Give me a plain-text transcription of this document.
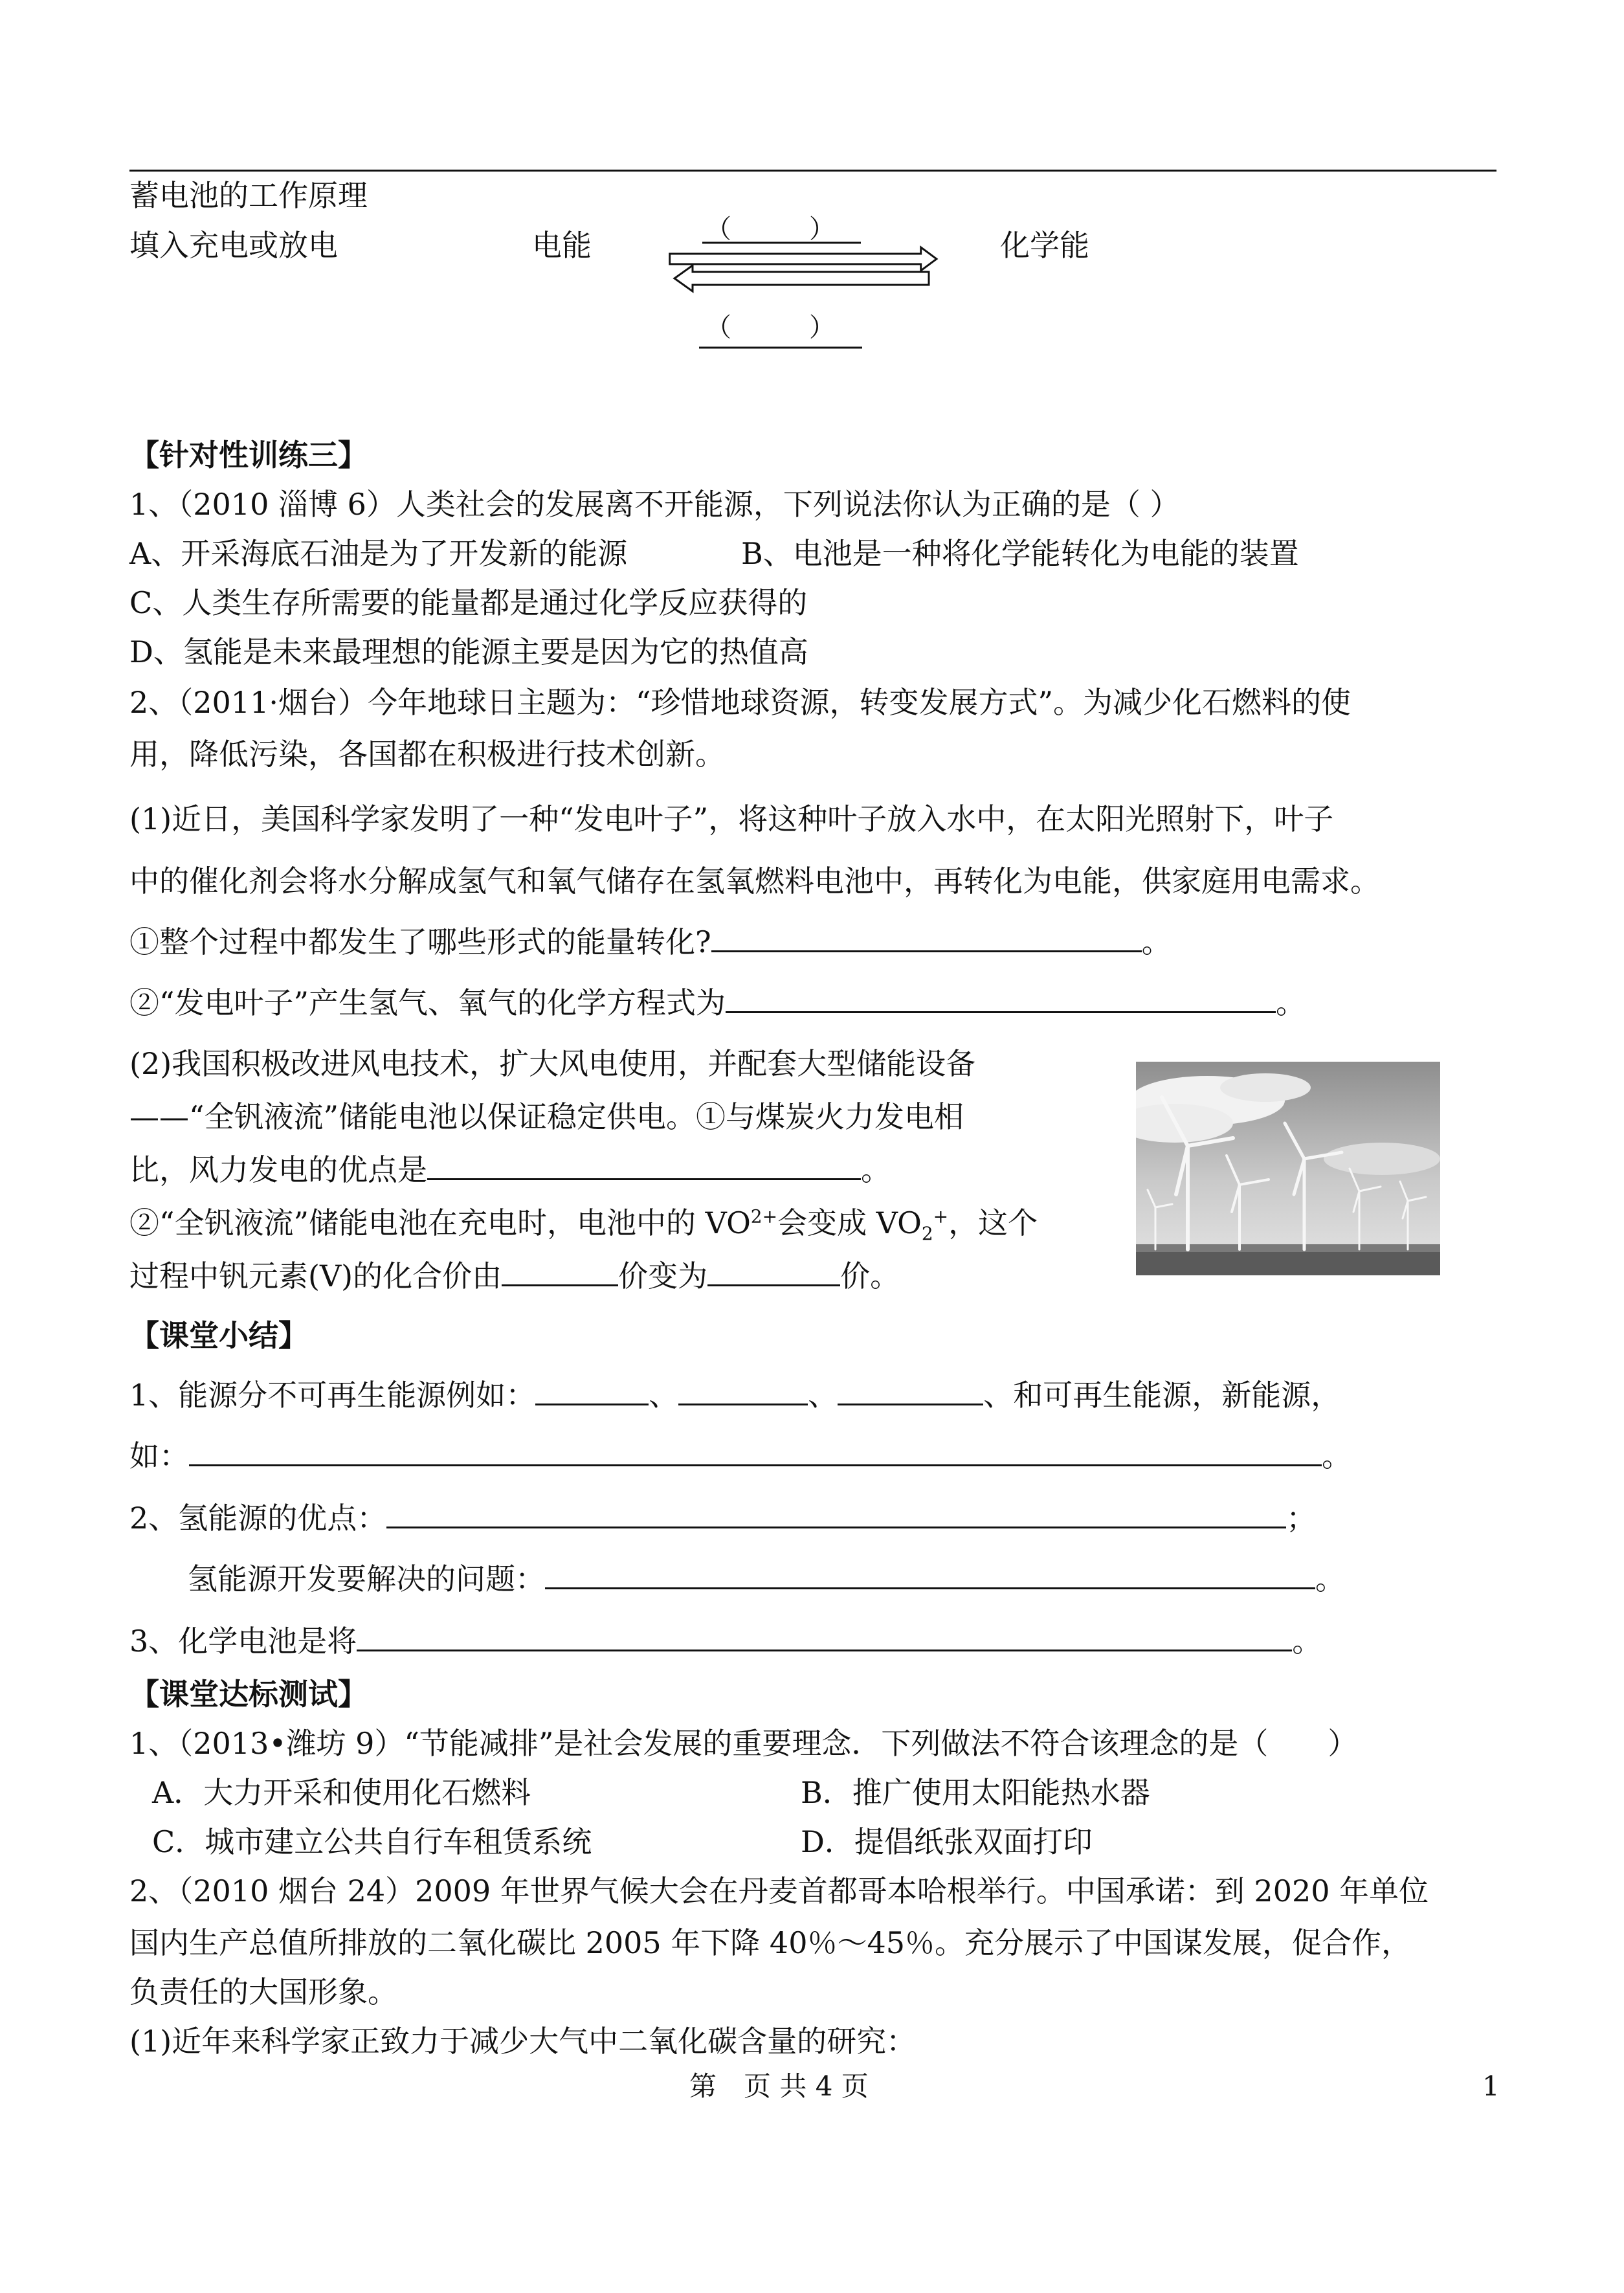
蓄电池的工作原理
填入充电或放电	电能	化学能
（　　　）
（　　　）
【针对性训练三】
1、（2010 淄博 6）人类社会的发展离不开能源，下列说法你认为正确的是（ ）
A、开采海底石油是为了开发新的能源	B、电池是一种将化学能转化为电能的装置
C、人类生存所需要的能量都是通过化学反应获得的
D、氢能是未来最理想的能源主要是因为它的热值高
2、（2011·烟台）今年地球日主题为：“珍惜地球资源，转变发展方式”。为减少化石燃料的使
用，降低污染，各国都在积极进行技术创新。
(1)近日，美国科学家发明了一种“发电叶子”，将这种叶子放入水中，在太阳光照射下，叶子
中的催化剂会将水分解成氢气和氧气储存在氢氧燃料电池中，再转化为电能，供家庭用电需求。
①整个过程中都发生了哪些形式的能量转化?	。
②“发电叶子”产生氢气、氧气的化学方程式为	。
(2)我国积极改进风电技术，扩大风电使用，并配套大型储能设备
——“全钒液流”储能电池以保证稳定供电。①与煤炭火力发电相
比，风力发电的优点是	。
②“全钒液流”储能电池在充电时，电池中的 $VO^{2+}$会变成 $VO_2^+$，这个
过程中钒元素(V)的化合价由	价变为	价。
【课堂小结】
1、能源分不可再生能源例如：	、	、	、和可再生能源，新能源，
如：	。
2、氢能源的优点：	；
氢能源开发要解决的问题：	。
3、化学电池是将	。
【课堂达标测试】
1、（2013•潍坊 9）“节能减排”是社会发展的重要理念．下列做法不符合该理念的是（　　）
A．大力开采和使用化石燃料	B．推广使用太阳能热水器
C．城市建立公共自行车租赁系统	D．提倡纸张双面打印
2、（2010 烟台 24）2009 年世界气候大会在丹麦首都哥本哈根举行。中国承诺：到 2020 年单位
国内生产总值所排放的二氧化碳比 2005 年下降 40％～45％。充分展示了中国谋发展，促合作，
负责任的大国形象。
(1)近年来科学家正致力于减少大气中二氧化碳含量的研究：
第　页 共 4 页	1
